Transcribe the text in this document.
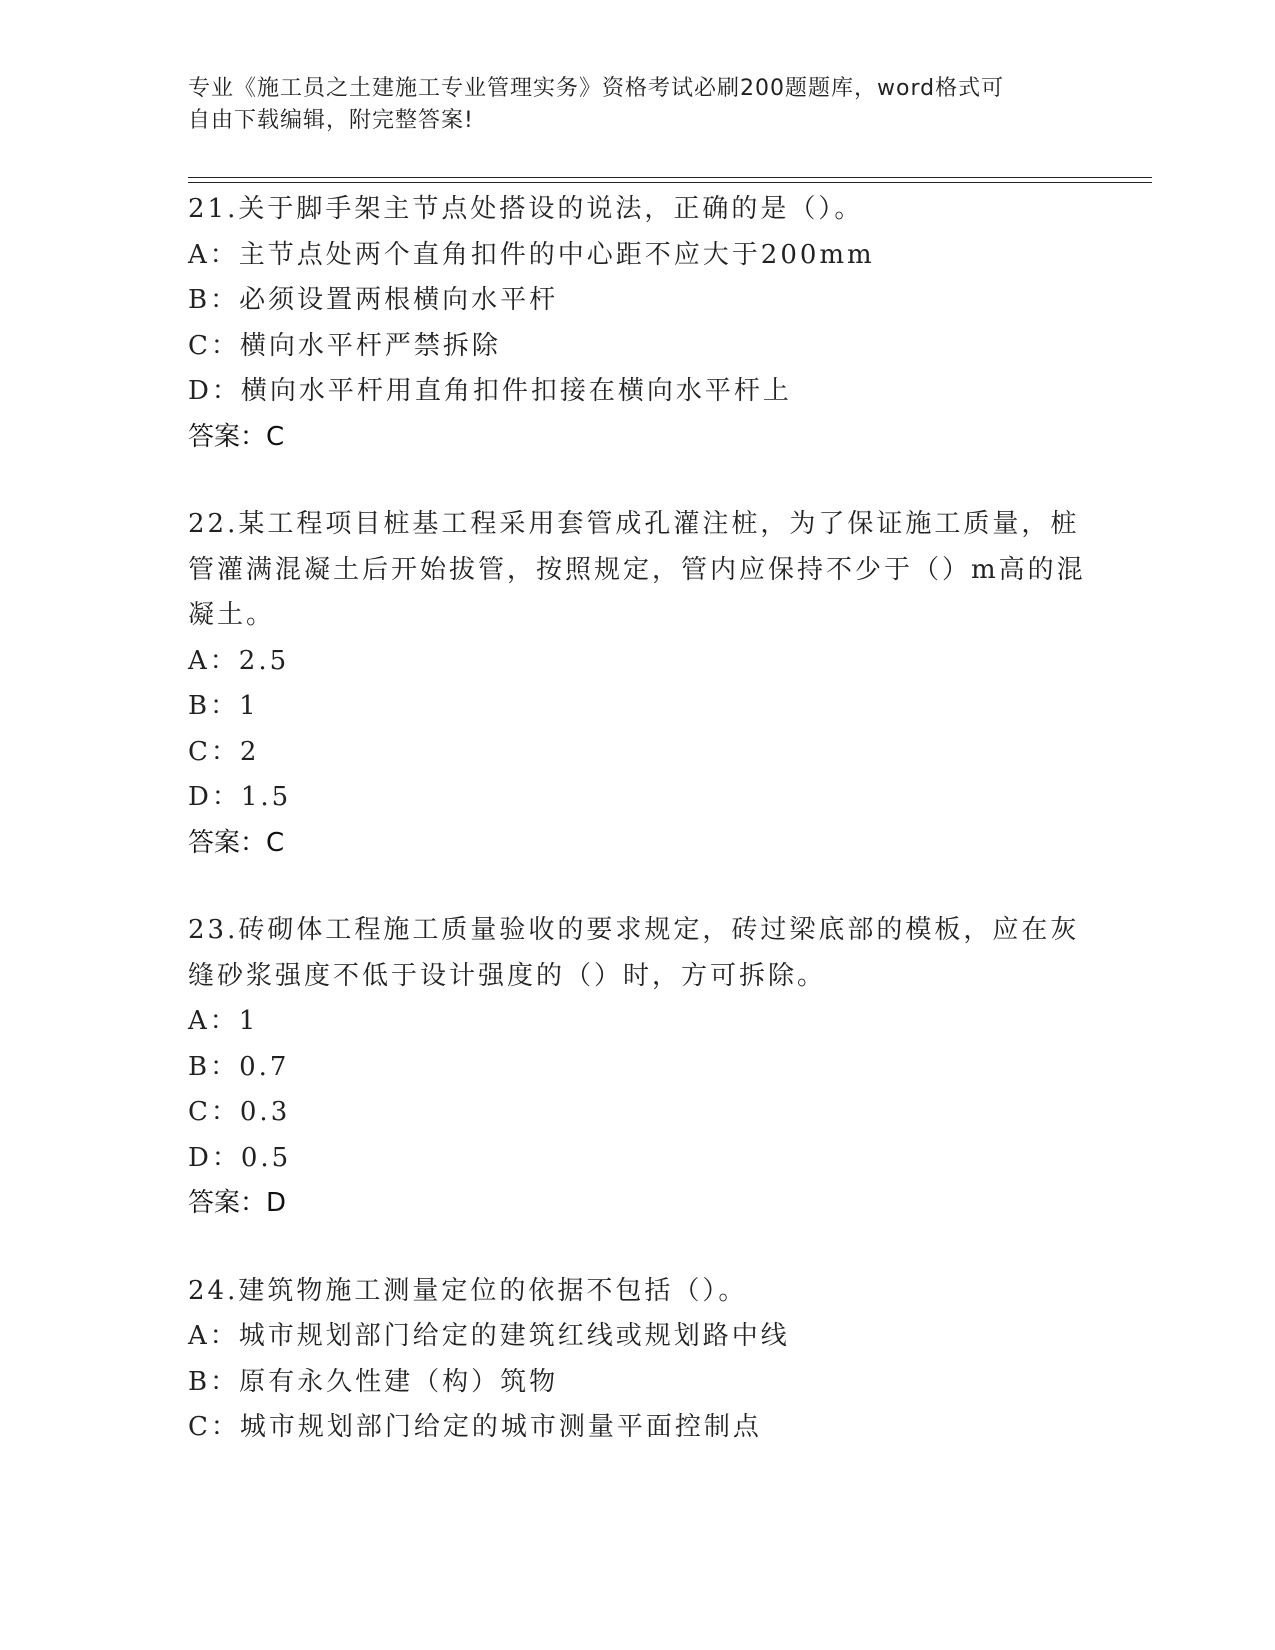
专业《施工员之土建施工专业管理实务》资格考试必刷200题题库，word格式可
自由下载编辑，附完整答案!
21.关于脚手架主节点处搭设的说法，正确的是（）。
A：主节点处两个直角扣件的中心距不应大于200mm
B：必须设置两根横向水平杆
C：横向水平杆严禁拆除
D：横向水平杆用直角扣件扣接在横向水平杆上
答案：C
22.某工程项目桩基工程采用套管成孔灌注桩，为了保证施工质量，桩
管灌满混凝土后开始拔管，按照规定，管内应保持不少于（）m高的混
凝土。
A：2.5
B：1
C：2
D：1.5
答案：C
23.砖砌体工程施工质量验收的要求规定，砖过梁底部的模板，应在灰
缝砂浆强度不低于设计强度的（）时，方可拆除。
A：1
B：0.7
C：0.3
D：0.5
答案：D
24.建筑物施工测量定位的依据不包括（）。
A：城市规划部门给定的建筑红线或规划路中线
B：原有永久性建（构）筑物
C：城市规划部门给定的城市测量平面控制点
